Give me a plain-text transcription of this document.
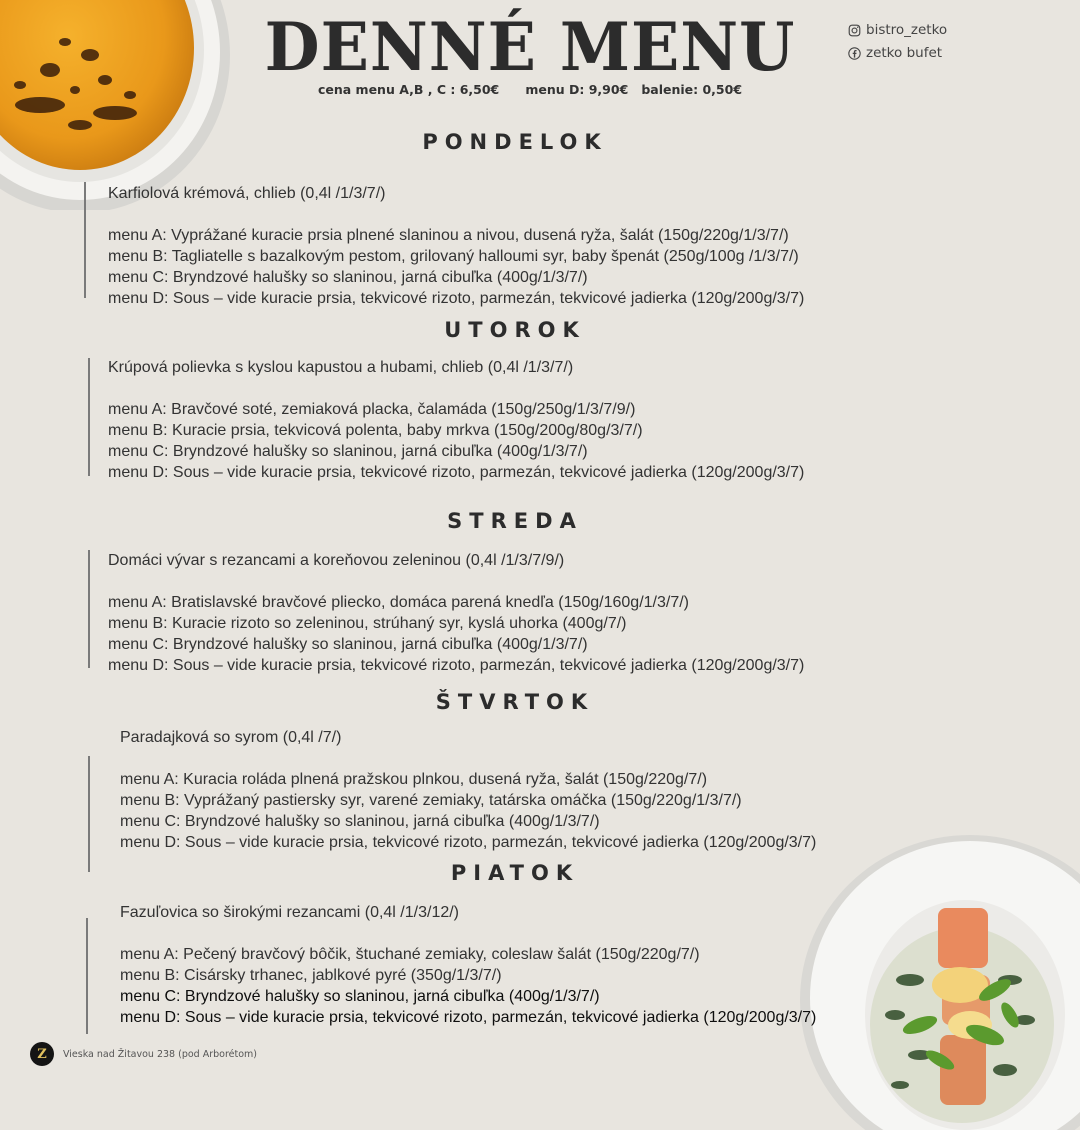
DENNÉ MENU
cena menu A,B , C : 6,50€      menu D: 9,90€   balenie: 0,50€
bistro_zetko
zetko bufet
PONDELOK
Karfiolová krémová, chlieb (0,4l /1/3/7/)
menu A: Vyprážané kuracie prsia plnené slaninou a nivou, dusená ryža, šalát (150g/220g/1/3/7/)
menu B: Tagliatelle s bazalkovým pestom, grilovaný halloumi syr, baby špenát (250g/100g /1/3/7/)
menu C: Bryndzové halušky so slaninou, jarná cibuľka (400g/1/3/7/)
menu D: Sous – vide kuracie prsia, tekvicové rizoto, parmezán, tekvicové jadierka (120g/200g/3/7)
UTOROK
Krúpová polievka s kyslou kapustou a hubami, chlieb (0,4l /1/3/7/)
menu A: Bravčové soté, zemiaková placka, čalamáda (150g/250g/1/3/7/9/)
menu B: Kuracie prsia, tekvicová polenta, baby mrkva (150g/200g/80g/3/7/)
menu C: Bryndzové halušky so slaninou, jarná cibuľka (400g/1/3/7/)
menu D: Sous – vide kuracie prsia, tekvicové rizoto, parmezán, tekvicové jadierka (120g/200g/3/7)
STREDA
Domáci vývar s rezancami a koreňovou zeleninou (0,4l /1/3/7/9/)
menu A: Bratislavské bravčové pliecko, domáca parená knedľa (150g/160g/1/3/7/)
menu B: Kuracie rizoto so zeleninou, strúhaný syr, kyslá uhorka (400g/7/)
menu C: Bryndzové halušky so slaninou, jarná cibuľka (400g/1/3/7/)
menu D: Sous – vide kuracie prsia, tekvicové rizoto, parmezán, tekvicové jadierka (120g/200g/3/7)
ŠTVRTOK
Paradajková so syrom (0,4l /7/)
menu A: Kuracia roláda plnená pražskou plnkou, dusená ryža, šalát (150g/220g/7/)
menu B: Vyprážaný pastiersky syr, varené zemiaky, tatárska omáčka (150g/220g/1/3/7/)
menu C: Bryndzové halušky so slaninou, jarná cibuľka (400g/1/3/7/)
menu D: Sous – vide kuracie prsia, tekvicové rizoto, parmezán, tekvicové jadierka (120g/200g/3/7)
PIATOK
Fazuľovica so širokými rezancami (0,4l /1/3/12/)
menu A: Pečený bravčový bôčik, štuchané zemiaky, coleslaw šalát (150g/220g/7/)
menu B: Cisársky trhanec, jablkové pyré (350g/1/3/7/)
menu C: Bryndzové halušky so slaninou, jarná cibuľka (400g/1/3/7/)
menu D: Sous – vide kuracie prsia, tekvicové rizoto, parmezán, tekvicové jadierka (120g/200g/3/7)
Z	Vieska nad Žitavou 238 (pod Arborétom)
